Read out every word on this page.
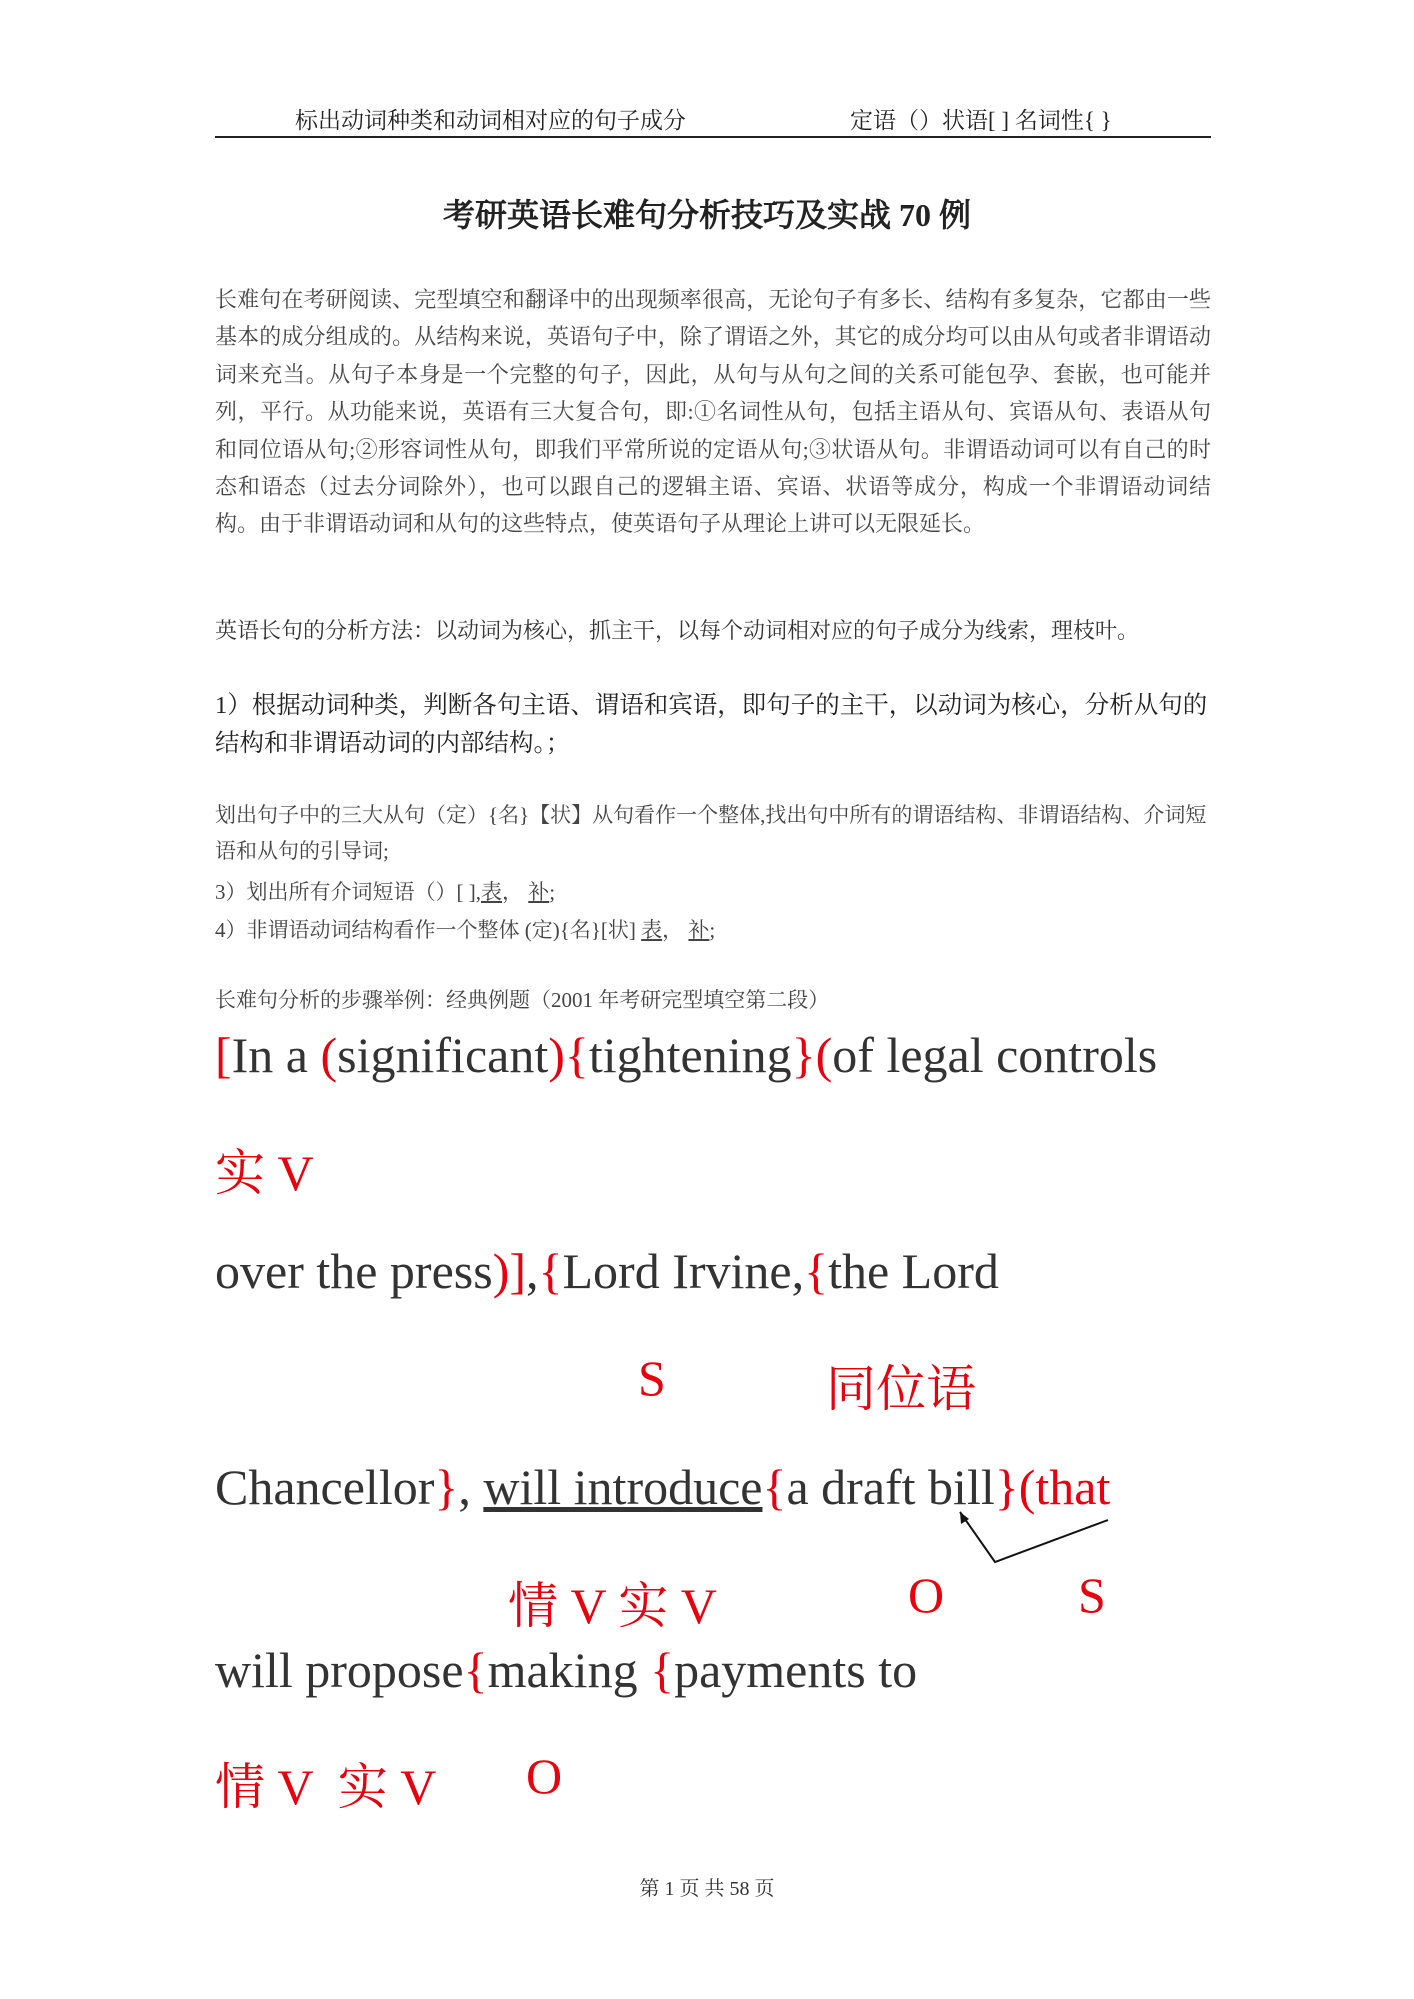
标出动词种类和动词相对应的句子成分	定语（）状语[ ] 名词性{ }
考研英语长难句分析技巧及实战 70 例
长难句在考研阅读、完型填空和翻译中的出现频率很高，无论句子有多长、结构有多复杂，它都由一些基本的成分组成的。从结构来说，英语句子中，除了谓语之外，其它的成分均可以由从句或者非谓语动词来充当。从句子本身是一个完整的句子，因此，从句与从句之间的关系可能包孕、套嵌，也可能并列，平行。从功能来说，英语有三大复合句，即:①名词性从句，包括主语从句、宾语从句、表语从句和同位语从句;②形容词性从句，即我们平常所说的定语从句;③状语从句。非谓语动词可以有自己的时态和语态（过去分词除外），也可以跟自己的逻辑主语、宾语、状语等成分，构成一个非谓语动词结构。由于非谓语动词和从句的这些特点，使英语句子从理论上讲可以无限延长。
英语长句的分析方法：以动词为核心，抓主干，以每个动词相对应的句子成分为线索，理枝叶。
1）根据动词种类，判断各句主语、谓语和宾语，即句子的主干，以动词为核心，分析从句的结构和非谓语动词的内部结构。；
划出句子中的三大从句（定）{名}【状】从句看作一个整体,找出句中所有的谓语结构、非谓语结构、介词短语和从句的引导词;
3）划出所有介词短语（）[ ],表， 补;
4）非谓语动词结构看作一个整体 (定){名}[状] 表， 补;
长难句分析的步骤举例：经典例题（2001 年考研完型填空第二段）
[In a (significant){tightening}(of legal controls
实 V
over the press)],{Lord Irvine,{the Lord
S	同位语
Chancellor}, will introduce{a draft bill}(that
情 V 实 V	O	S
will propose{making {payments to
情 V  实 V O
第 1 页 共 58 页
